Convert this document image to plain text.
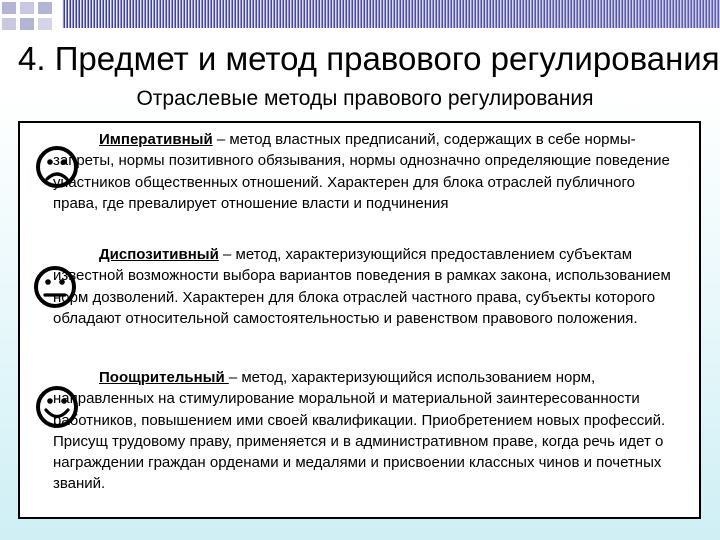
4. Предмет и метод правового регулирования
Отраслевые методы правового регулирования

Императивный – метод властных предписаний, содержащих в себе нормы-запреты, нормы позитивного обязывания, нормы однозначно определяющие поведение участников общественных отношений. Характерен для блока отраслей публичного права, где превалирует отношение власти и подчинения

Диспозитивный – метод, характеризующийся предоставлением субъектам известной возможности выбора вариантов поведения в рамках закона, использованием норм дозволений. Характерен для блока отраслей частного права, субъекты которого обладают относительной самостоятельностью и равенством правового положения.

Поощрительный – метод, характеризующийся использованием норм, направленных на стимулирование моральной и материальной заинтересованности работников, повышением ими своей квалификации. Приобретением новых профессий. Присущ трудовому праву, применяется и в административном праве, когда речь идет о награждении граждан орденами и медалями и присвоении классных чинов и почетных званий.
